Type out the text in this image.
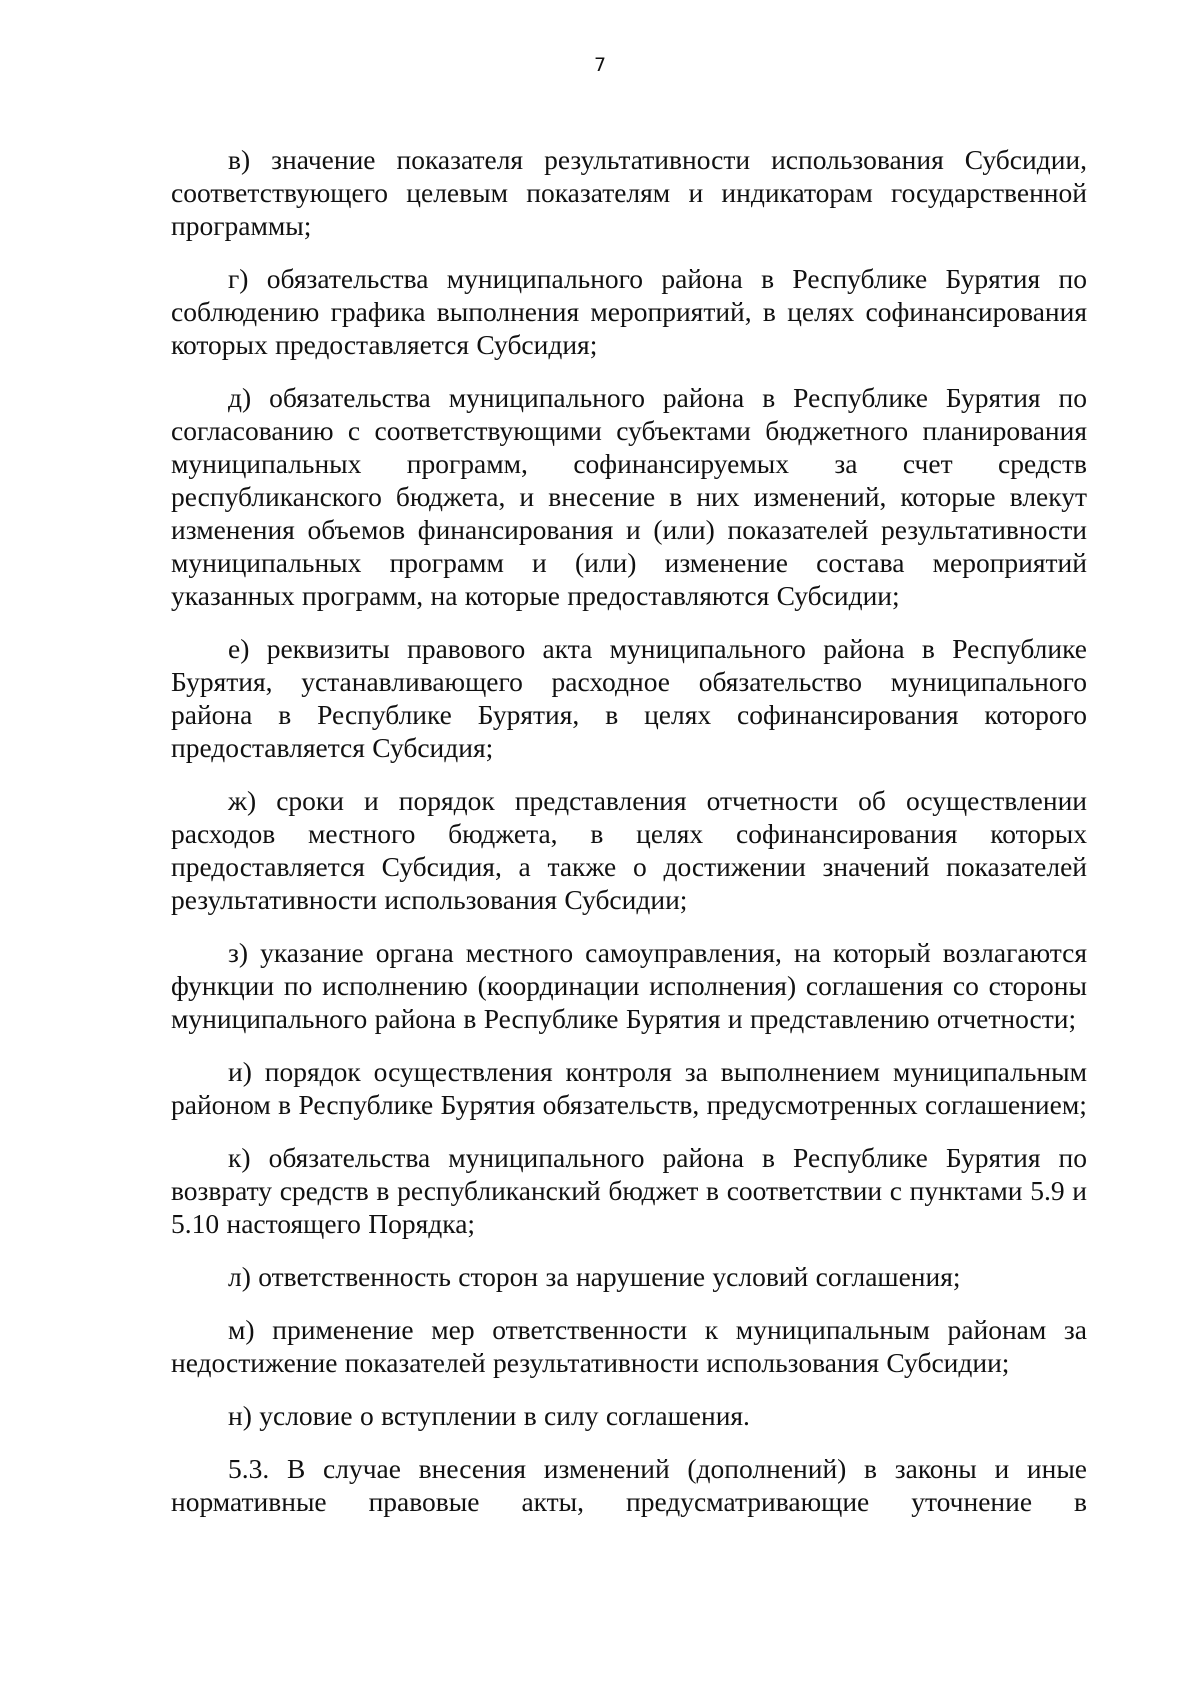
7

в) значение показателя результативности использования Субсидии, соответствующего целевым показателям и индикаторам государственной программы;

г) обязательства муниципального района в Республике Бурятия по соблюдению графика выполнения мероприятий, в целях софинансирования которых предоставляется Субсидия;

д) обязательства муниципального района в Республике Бурятия по согласованию с соответствующими субъектами бюджетного планирования муниципальных программ, софинансируемых за счет средств республиканского бюджета, и внесение в них изменений, которые влекут изменения объемов финансирования и (или) показателей результативности муниципальных программ и (или) изменение состава мероприятий указанных программ, на которые предоставляются Субсидии;

е) реквизиты правового акта муниципального района в Республике Бурятия, устанавливающего расходное обязательство муниципального района в Республике Бурятия, в целях софинансирования которого предоставляется Субсидия;

ж) сроки и порядок представления отчетности об осуществлении расходов местного бюджета, в целях софинансирования которых предоставляется Субсидия, а также о достижении значений показателей результативности использования Субсидии;

з) указание органа местного самоуправления, на который возлагаются функции по исполнению (координации исполнения) соглашения со стороны муниципального района в Республике Бурятия и представлению отчетности;

и) порядок осуществления контроля за выполнением муниципальным районом в Республике Бурятия обязательств, предусмотренных соглашением;

к) обязательства муниципального района в Республике Бурятия по возврату средств в республиканский бюджет в соответствии с пунктами 5.9 и 5.10 настоящего Порядка;

л) ответственность сторон за нарушение условий соглашения;

м) применение мер ответственности к муниципальным районам за недостижение показателей результативности использования Субсидии;

н) условие о вступлении в силу соглашения.

5.3. В случае внесения изменений (дополнений) в законы и иные нормативные правовые акты, предусматривающие уточнение в
